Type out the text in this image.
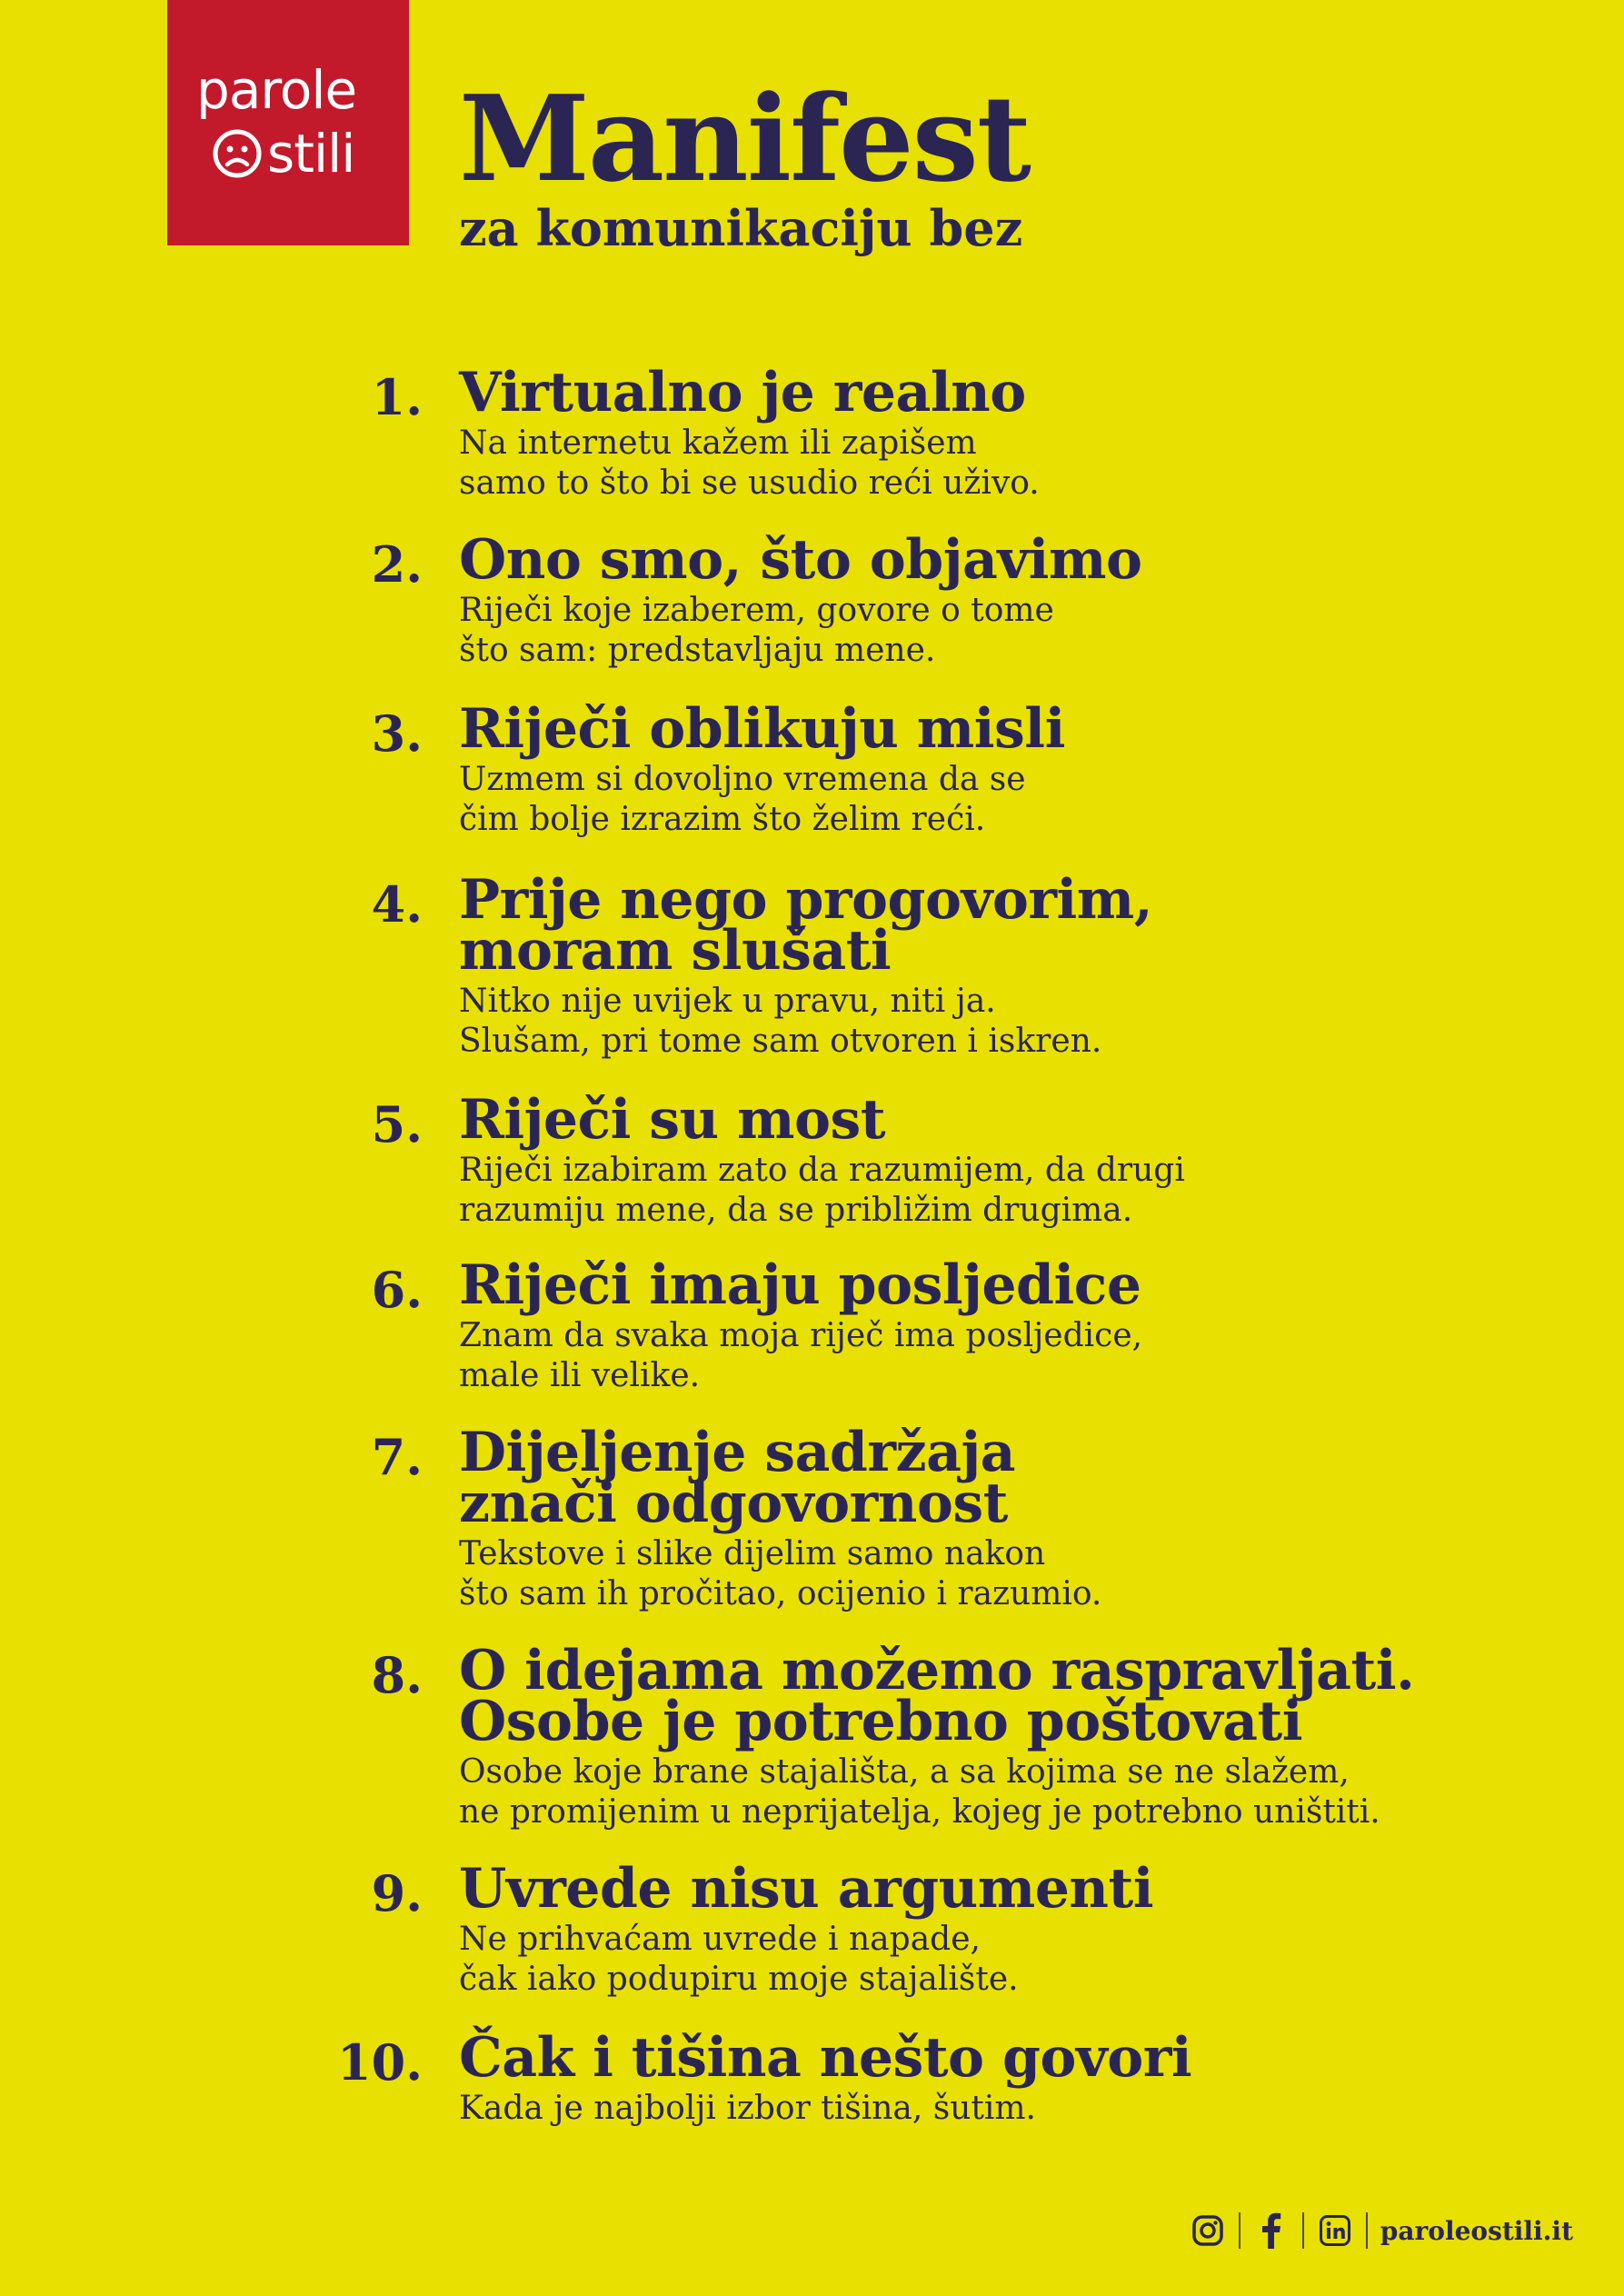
parole
stili Manifest
za komunikaciju bez
1. Virtualno je realno
Na internetu kažem ili zapišem
samo to što bi se usudio reći uživo.
2. Ono smo, što objavimo
Riječi koje izaberem, govore o tome
što sam: predstavljaju mene.
3. Riječi oblikuju misli
Uzmem si dovoljno vremena da se
čim bolje izrazim što želim reći.
4. Prije nego progovorim,
moram slušati
Nitko nije uvijek u pravu, niti ja.
Slušam, pri tome sam otvoren i iskren.
5. Riječi su most
Riječi izabiram zato da razumijem, da drugi
razumiju mene, da se približim drugima.
6. Riječi imaju posljedice
Znam da svaka moja riječ ima posljedice,
male ili velike.
7. Dijeljenje sadržaja
znači odgovornost
Tekstove i slike dijelim samo nakon
što sam ih pročitao, ocijenio i razumio.
8. O idejama možemo raspravljati.
Osobe je potrebno poštovati
Osobe koje brane stajališta, a sa kojima se ne slažem,
ne promijenim u neprijatelja, kojeg je potrebno uništiti.
9. Uvrede nisu argumenti
Ne prihvaćam uvrede i napade,
čak iako podupiru moje stajalište.
10. Čak i tišina nešto govori
Kada je najbolji izbor tišina, šutim.
paroleostili.it
